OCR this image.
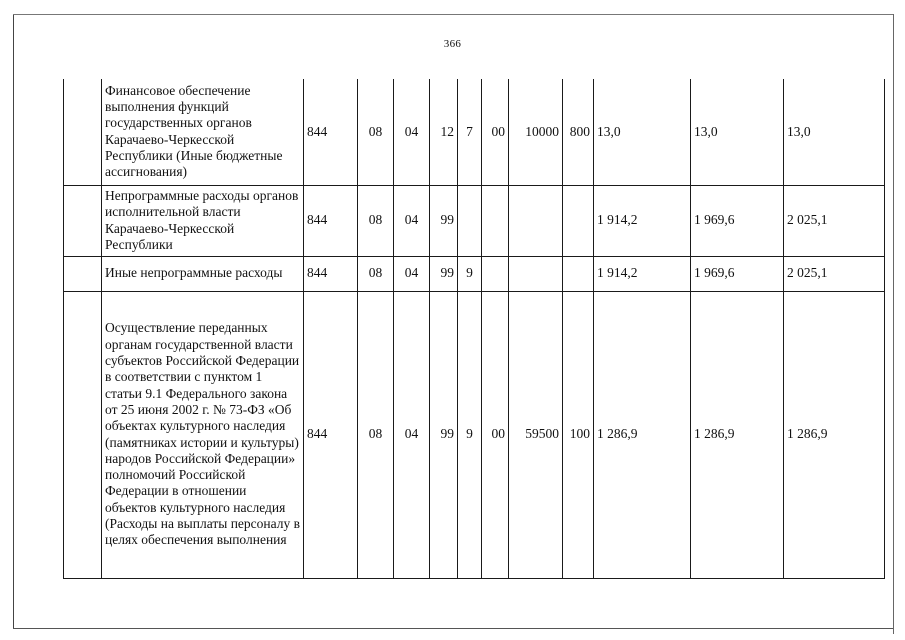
366
	Финансовое обеспечение выполнения функций государственных органов Карачаево-Черкесской Республики (Иные бюджетные ассигнования)	844	08	04	12	7	00	10000	800	13,0	13,0	13,0
	Непрограммные расходы органов исполнительной власти Карачаево-Черкесской Республики	844	08	04	99					1 914,2	1 969,6	2 025,1
	Иные непрограммные расходы	844	08	04	99	9				1 914,2	1 969,6	2 025,1
	Осуществление переданных органам государственной власти субъектов Российской Федерации в соответствии с пунктом 1 статьи 9.1 Федерального закона от 25 июня 2002 г. № 73-ФЗ «Об объектах культурного наследия (памятниках истории и культуры) народов Российской Федерации» полномочий Российской Федерации в отношении объектов культурного наследия (Расходы на выплаты персоналу в целях обеспечения выполнения	844	08	04	99	9	00	59500	100	1 286,9	1 286,9	1 286,9
